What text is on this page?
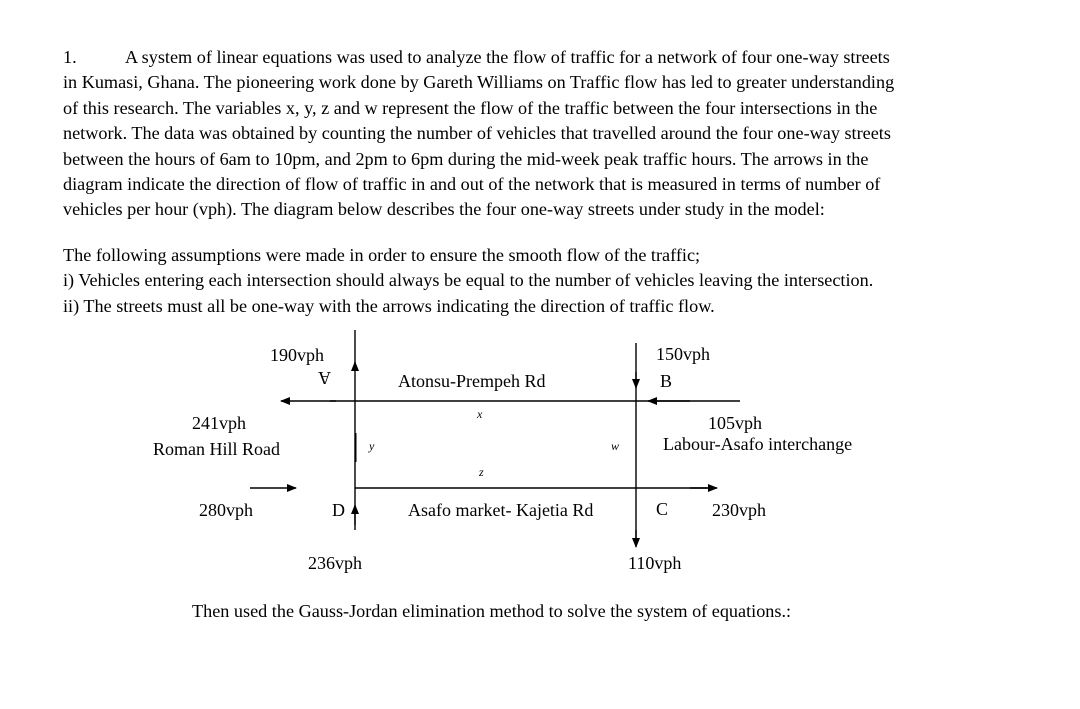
1.	A system of linear equations was used to analyze the flow of traffic for a network of four one-way streets
in Kumasi, Ghana. The pioneering work done by Gareth Williams on Traffic flow has led to greater understanding
of this research. The variables x, y, z and w represent the flow of the traffic between the four intersections in the
network. The data was obtained by counting the number of vehicles that travelled around the four one-way streets
between the hours of 6am to 10pm, and 2pm to 6pm during the mid-week peak traffic hours. The arrows in the
diagram indicate the direction of flow of traffic in and out of the network that is measured in terms of number of
vehicles per hour (vph). The diagram below describes the four one-way streets under study in the model:
The following assumptions were made in order to ensure the smooth flow of the traffic;
i) Vehicles entering each intersection should always be equal to the number of vehicles leaving the intersection.
ii) The streets must all be one-way with the arrows indicating the direction of traffic flow.
190vph	150vph
241vph	105vph
280vph	230vph
236vph	110vph
A	B
C
D
Atonsu-Prempeh Rd
Roman Hill Road	Labour-Asafo interchange
Asafo market- Kajetia Rd
x
y	w
z

Then used the Gauss-Jordan elimination method to solve the system of equations.:
